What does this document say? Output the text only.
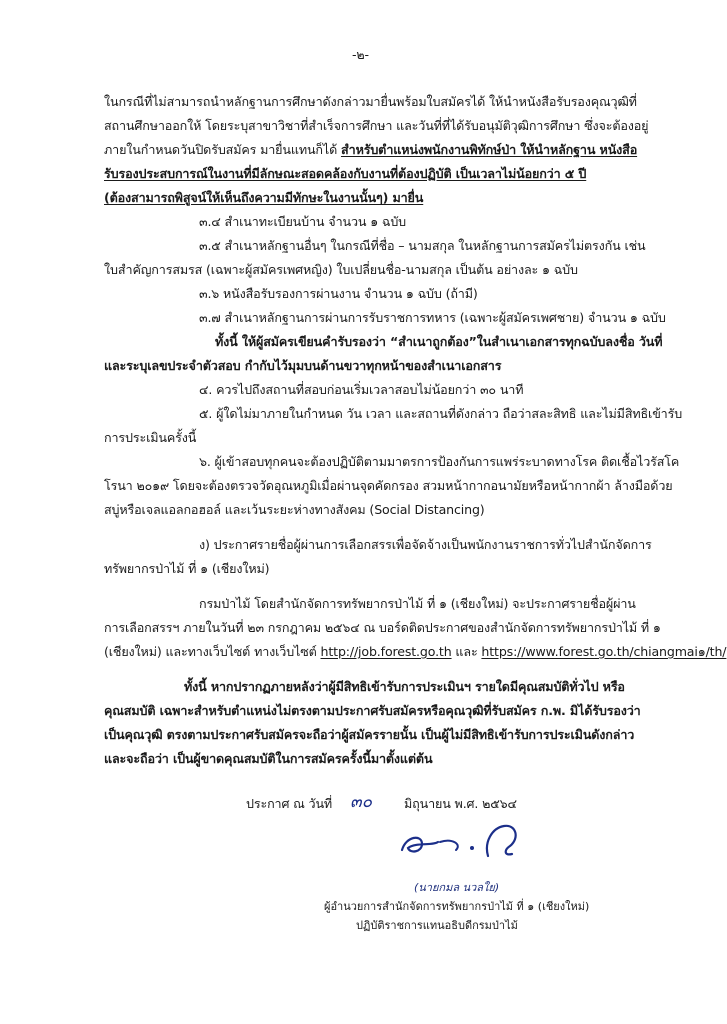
-๒-
ในกรณีที่ไม่สามารถนำหลักฐานการศึกษาดังกล่าวมายื่นพร้อมใบสมัครได้ ให้นำหนังสือรับรองคุณวุฒิที่
สถานศึกษาออกให้ โดยระบุสาขาวิชาที่สำเร็จการศึกษา และวันที่ที่ได้รับอนุมัติวุฒิการศึกษา ซึ่งจะต้องอยู่
ภายในกำหนดวันปิดรับสมัคร มายื่นแทนก็ได้ สำหรับตำแหน่งพนักงานพิทักษ์ป่า ให้นำหลักฐาน หนังสือ
รับรองประสบการณ์ในงานที่มีลักษณะสอดคล้องกับงานที่ต้องปฏิบัติ เป็นเวลาไม่น้อยกว่า ๕ ปี
(ต้องสามารถพิสูจน์ให้เห็นถึงความมีทักษะในงานนั้นๆ) มายื่น
๓.๔ สำเนาทะเบียนบ้าน จำนวน ๑ ฉบับ
๓.๕ สำเนาหลักฐานอื่นๆ ในกรณีที่ชื่อ – นามสกุล ในหลักฐานการสมัครไม่ตรงกัน เช่น
ใบสำคัญการสมรส (เฉพาะผู้สมัครเพศหญิง) ใบเปลี่ยนชื่อ-นามสกุล เป็นต้น อย่างละ ๑ ฉบับ
๓.๖ หนังสือรับรองการผ่านงาน จำนวน ๑ ฉบับ (ถ้ามี)
๓.๗ สำเนาหลักฐานการผ่านการรับราชการทหาร (เฉพาะผู้สมัครเพศชาย) จำนวน ๑ ฉบับ
ทั้งนี้ ให้ผู้สมัครเขียนคำรับรองว่า “สำเนาถูกต้อง”ในสำเนาเอกสารทุกฉบับลงชื่อ วันที่
และระบุเลขประจำตัวสอบ กำกับไว้มุมบนด้านขวาทุกหน้าของสำเนาเอกสาร
๔. ควรไปถึงสถานที่สอบก่อนเริ่มเวลาสอบไม่น้อยกว่า ๓๐ นาที
๕. ผู้ใดไม่มาภายในกำหนด วัน เวลา และสถานที่ดังกล่าว ถือว่าสละสิทธิ และไม่มีสิทธิเข้ารับ
การประเมินครั้งนี้
๖. ผู้เข้าสอบทุกคนจะต้องปฏิบัติตามมาตรการป้องกันการแพร่ระบาดทางโรค ติดเชื้อไวรัสโค
โรนา ๒๐๑๙ โดยจะต้องตรวจวัดอุณหภูมิเมื่อผ่านจุดคัดกรอง สวมหน้ากากอนามัยหรือหน้ากากผ้า ล้างมือด้วย
สบู่หรือเจลแอลกอฮอล์ และเว้นระยะห่างทางสังคม (Social Distancing)
ง) ประกาศรายชื่อผู้ผ่านการเลือกสรรเพื่อจัดจ้างเป็นพนักงานราชการทั่วไปสำนักจัดการ
ทรัพยากรป่าไม้ ที่ ๑ (เชียงใหม่)
กรมป่าไม้ โดยสำนักจัดการทรัพยากรป่าไม้ ที่ ๑ (เชียงใหม่) จะประกาศรายชื่อผู้ผ่าน
การเลือกสรรฯ ภายในวันที่ ๒๓ กรกฎาคม ๒๕๖๔ ณ บอร์ดติดประกาศของสำนักจัดการทรัพยากรป่าไม้ ที่ ๑
(เชียงใหม่) และทางเว็บไซต์ ทางเว็บไซต์ http://job.forest.go.th และ https://www.forest.go.th/chiangmai๑/th/
ทั้งนี้ หากปรากฏภายหลังว่าผู้มีสิทธิเข้ารับการประเมินฯ รายใดมีคุณสมบัติทั่วไป หรือ
คุณสมบัติ เฉพาะสำหรับตำแหน่งไม่ตรงตามประกาศรับสมัครหรือคุณวุฒิที่รับสมัคร ก.พ. มิได้รับรองว่า
เป็นคุณวุฒิ ตรงตามประกาศรับสมัครจะถือว่าผู้สมัครรายนั้น เป็นผู้ไม่มีสิทธิเข้ารับการประเมินดังกล่าว
และจะถือว่า เป็นผู้ขาดคุณสมบัติในการสมัครครั้งนี้มาตั้งแต่ต้น
ประกาศ ณ วันที่ ๓๐	มิถุนายน พ.ศ. ๒๕๖๔
(นายกมล นวลใย)
ผู้อำนวยการสำนักจัดการทรัพยากรป่าไม้ ที่ ๑ (เชียงใหม่)
ปฏิบัติราชการแทนอธิบดีกรมป่าไม้
